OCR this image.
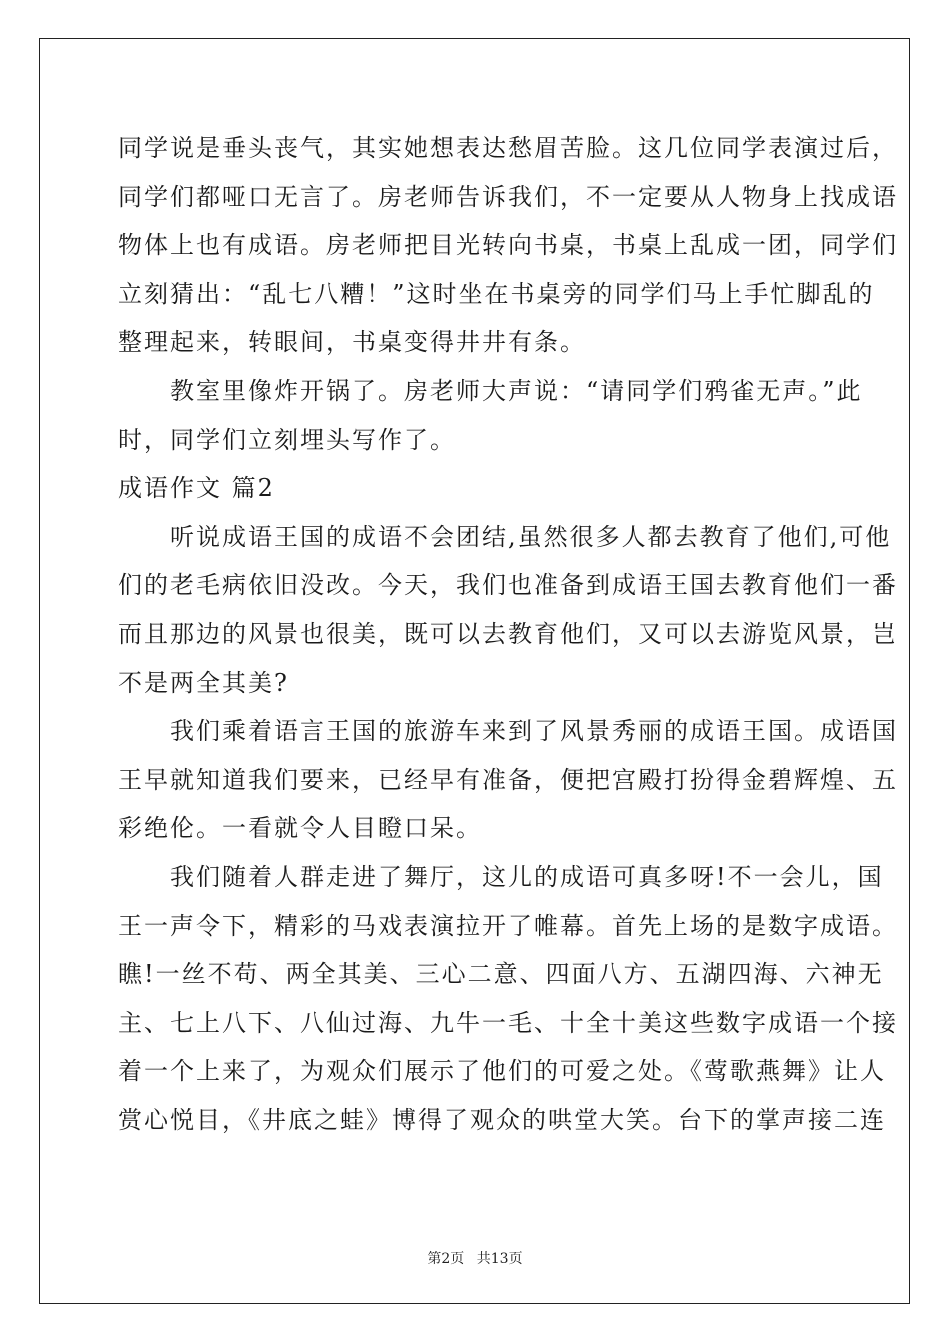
同学说是垂头丧气，其实她想表达愁眉苦脸。这几位同学表演过后，
同学们都哑口无言了。房老师告诉我们，不一定要从人物身上找成语
物体上也有成语。房老师把目光转向书桌，书桌上乱成一团，同学们
立刻猜出：“乱七八糟！”这时坐在书桌旁的同学们马上手忙脚乱的
整理起来，转眼间，书桌变得井井有条。
教室里像炸开锅了。房老师大声说：“请同学们鸦雀无声。”此
时，同学们立刻埋头写作了。
成语作文 篇2
听说成语王国的成语不会团结,虽然很多人都去教育了他们,可他
们的老毛病依旧没改。今天，我们也准备到成语王国去教育他们一番
而且那边的风景也很美，既可以去教育他们，又可以去游览风景，岂
不是两全其美?
我们乘着语言王国的旅游车来到了风景秀丽的成语王国。成语国
王早就知道我们要来，已经早有准备，便把宫殿打扮得金碧辉煌、五
彩绝伦。一看就令人目瞪口呆。
我们随着人群走进了舞厅，这儿的成语可真多呀!不一会儿，国
王一声令下，精彩的马戏表演拉开了帷幕。首先上场的是数字成语。
瞧!一丝不苟、两全其美、三心二意、四面八方、五湖四海、六神无
主、七上八下、八仙过海、九牛一毛、十全十美这些数字成语一个接
着一个上来了，为观众们展示了他们的可爱之处。《莺歌燕舞》让人
赏心悦目，《井底之蛙》博得了观众的哄堂大笑。台下的掌声接二连
第2页 共13页
